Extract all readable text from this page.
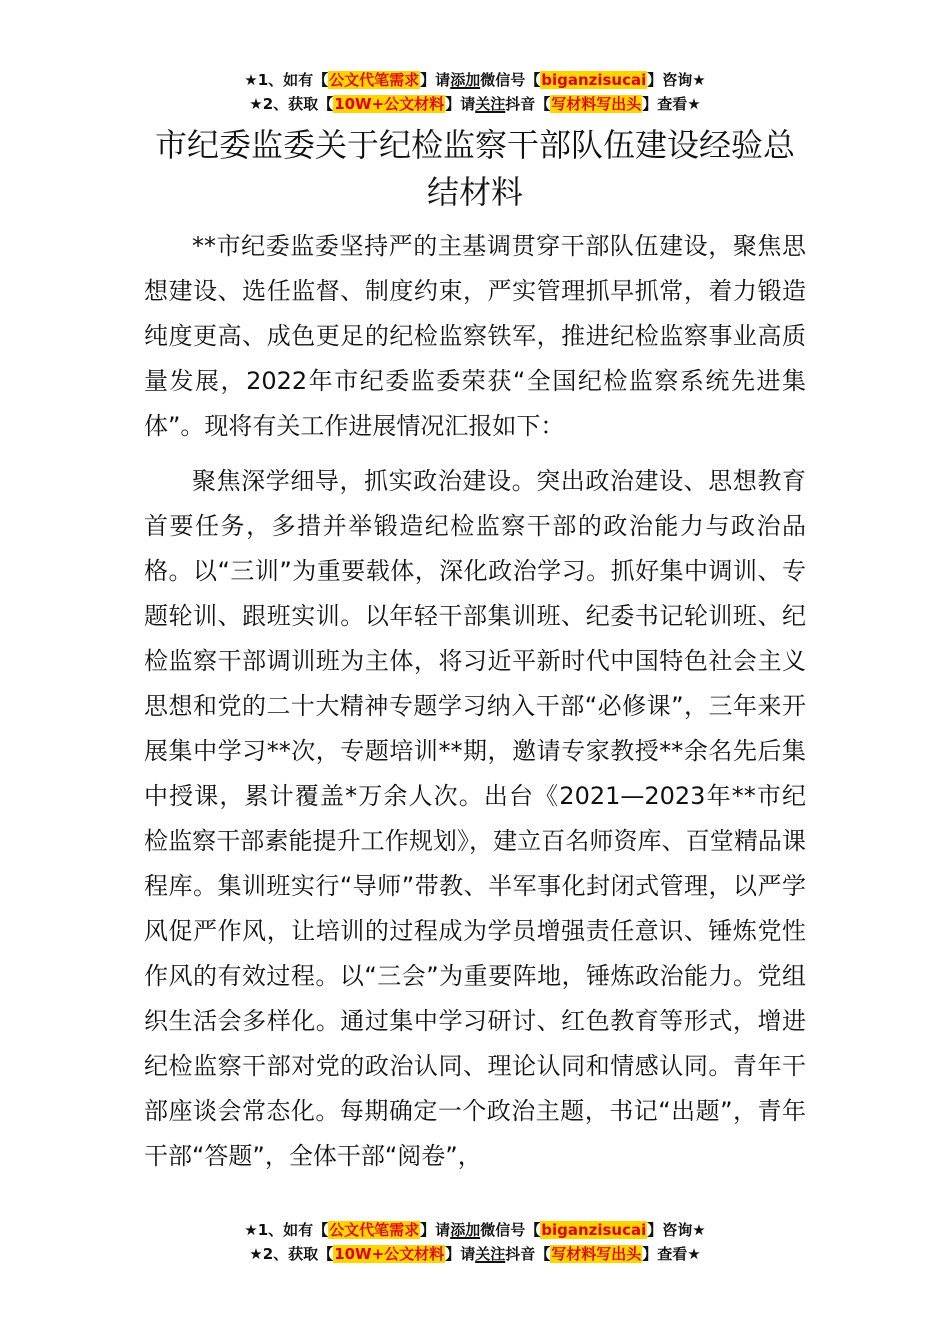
★1、如有【公文代笔需求】请添加微信号【biganzisucai】咨询★
★2、获取【10W+公文材料】请关注抖音【写材料写出头】查看★
市纪委监委关于纪检监察干部队伍建设经验总结材料

**市纪委监委坚持严的主基调贯穿干部队伍建设，聚焦思想建设、选任监督、制度约束，严实管理抓早抓常，着力锻造纯度更高、成色更足的纪检监察铁军，推进纪检监察事业高质量发展，2022年市纪委监委荣获“全国纪检监察系统先进集体”。现将有关工作进展情况汇报如下：

聚焦深学细导，抓实政治建设。突出政治建设、思想教育首要任务，多措并举锻造纪检监察干部的政治能力与政治品格。以“三训”为重要载体，深化政治学习。抓好集中调训、专题轮训、跟班实训。以年轻干部集训班、纪委书记轮训班、纪检监察干部调训班为主体，将习近平新时代中国特色社会主义思想和党的二十大精神专题学习纳入干部“必修课”，三年来开展集中学习**次，专题培训**期，邀请专家教授**余名先后集中授课，累计覆盖*万余人次。出台《2021—2023年**市纪检监察干部素能提升工作规划》，建立百名师资库、百堂精品课程库。集训班实行“导师”带教、半军事化封闭式管理，以严学风促严作风，让培训的过程成为学员增强责任意识、锤炼党性作风的有效过程。以“三会”为重要阵地，锤炼政治能力。党组织生活会多样化。通过集中学习研讨、红色教育等形式，增进纪检监察干部对党的政治认同、理论认同和情感认同。青年干部座谈会常态化。每期确定一个政治主题，书记“出题”，青年干部“答题”，全体干部“阅卷”，

★1、如有【公文代笔需求】请添加微信号【biganzisucai】咨询★
★2、获取【10W+公文材料】请关注抖音【写材料写出头】查看★
